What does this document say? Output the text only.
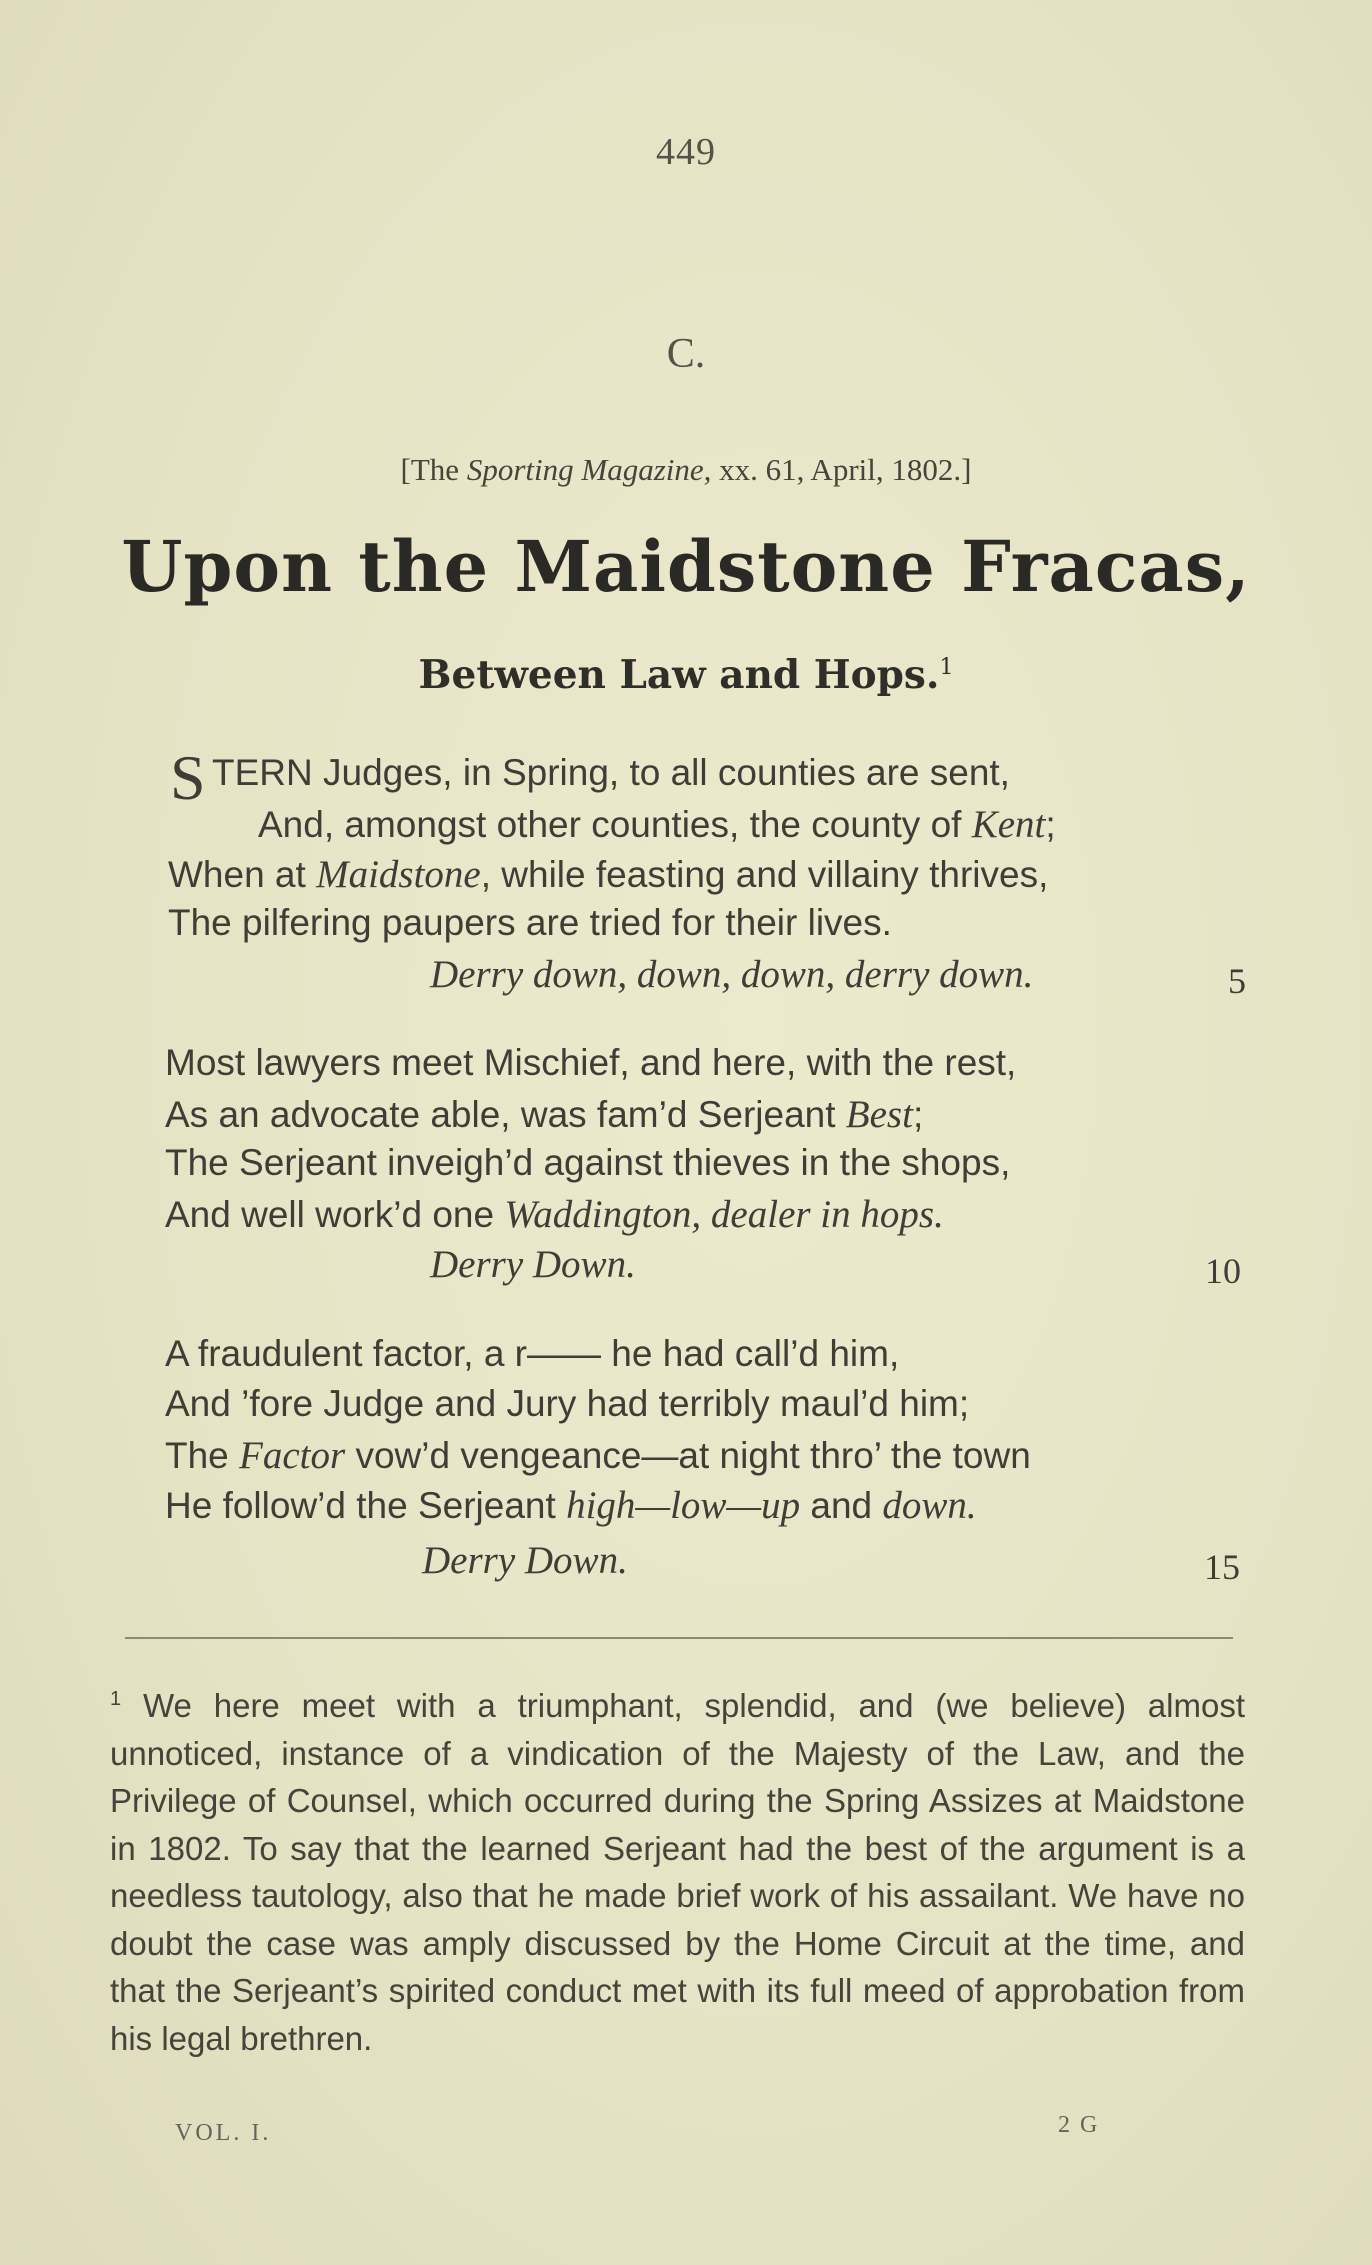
449
C.
[The Sporting Magazine, xx. 61, April, 1802.]
Upon the Maidstone Fracas,
Between Law and Hops.$^1$
S TERN Judges, in Spring, to all counties are sent,
And, amongst other counties, the county of Kent;
When at Maidstone, while feasting and villainy thrives,
The pilfering paupers are tried for their lives.
Derry down, down, down, derry down.	5
Most lawyers meet Mischief, and here, with the rest,
As an advocate able, was fam’d Serjeant Best;
The Serjeant inveigh’d against thieves in the shops,
And well work’d one Waddington, dealer in hops.
Derry Down.	10
A fraudulent factor, a r—— he had call’d him,
And ’fore Judge and Jury had terribly maul’d him;
The Factor vow’d vengeance—at night thro’ the town
He follow’d the Serjeant high—low—up and down.
Derry Down.	15
$^1$ We here meet with a triumphant, splendid, and (we believe) almost unnoticed, instance of a vindication of the Majesty of the Law, and the Privilege of Counsel, which occurred during the Spring Assizes at Maidstone in 1802. To say that the learned Serjeant had the best of the argument is a needless tautology, also that he made brief work of his assailant. We have no doubt the case was amply discussed by the Home Circuit at the time, and that the Serjeant’s spirited conduct met with its full meed of approbation from his legal brethren.
VOL. I.	2 G
